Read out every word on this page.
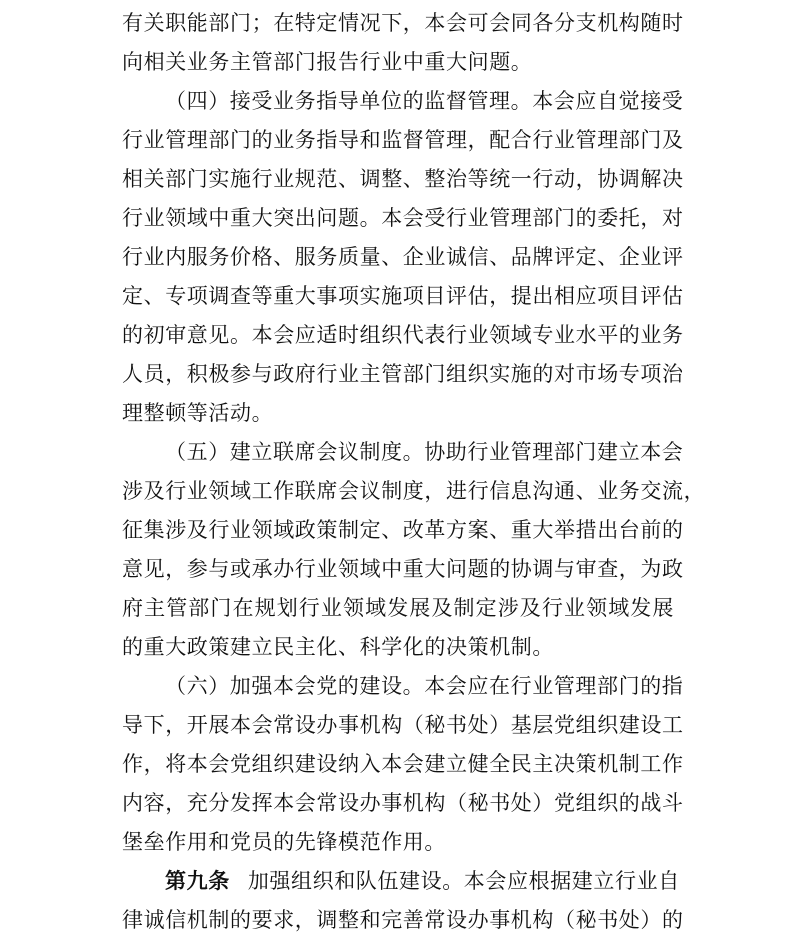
有关职能部门；在特定情况下，本会可会同各分支机构随时
向相关业务主管部门报告行业中重大问题。
（四）接受业务指导单位的监督管理。本会应自觉接受
行业管理部门的业务指导和监督管理，配合行业管理部门及
相关部门实施行业规范、调整、整治等统一行动，协调解决
行业领域中重大突出问题。本会受行业管理部门的委托，对
行业内服务价格、服务质量、企业诚信、品牌评定、企业评
定、专项调查等重大事项实施项目评估，提出相应项目评估
的初审意见。本会应适时组织代表行业领域专业水平的业务
人员，积极参与政府行业主管部门组织实施的对市场专项治
理整顿等活动。
（五）建立联席会议制度。协助行业管理部门建立本会
涉及行业领域工作联席会议制度，进行信息沟通、业务交流，
征集涉及行业领域政策制定、改革方案、重大举措出台前的
意见，参与或承办行业领域中重大问题的协调与审查，为政
府主管部门在规划行业领域发展及制定涉及行业领域发展
的重大政策建立民主化、科学化的决策机制。
（六）加强本会党的建设。本会应在行业管理部门的指
导下，开展本会常设办事机构（秘书处）基层党组织建设工
作，将本会党组织建设纳入本会建立健全民主决策机制工作
内容，充分发挥本会常设办事机构（秘书处）党组织的战斗
堡垒作用和党员的先锋模范作用。
第九条 加强组织和队伍建设。本会应根据建立行业自
律诚信机制的要求，调整和完善常设办事机构（秘书处）的
